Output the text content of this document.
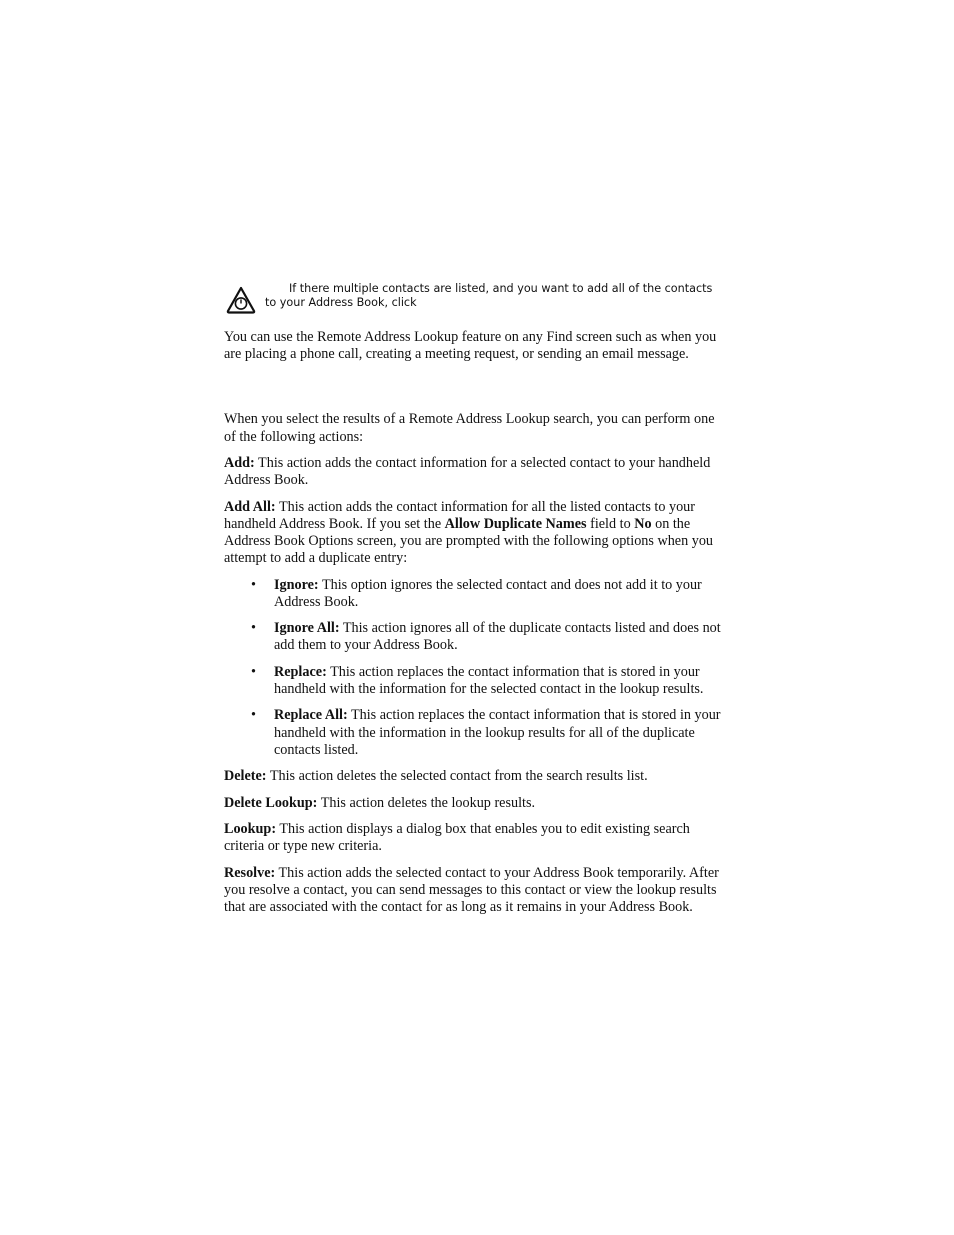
If there multiple contacts are listed, and you want to add all of the contacts to your Address Book, click

You can use the Remote Address Lookup feature on any Find screen such as when you are placing a phone call, creating a meeting request, or sending an email message.

When you select the results of a Remote Address Lookup search, you can perform one of the following actions:

Add: This action adds the contact information for a selected contact to your handheld Address Book.

Add All: This action adds the contact information for all the listed contacts to your handheld Address Book. If you set the Allow Duplicate Names field to No on the Address Book Options screen, you are prompted with the following options when you attempt to add a duplicate entry:

• Ignore: This option ignores the selected contact and does not add it to your Address Book.
• Ignore All: This action ignores all of the duplicate contacts listed and does not add them to your Address Book.
• Replace: This action replaces the contact information that is stored in your handheld with the information for the selected contact in the lookup results.
• Replace All: This action replaces the contact information that is stored in your handheld with the information in the lookup results for all of the duplicate contacts listed.

Delete: This action deletes the selected contact from the search results list.

Delete Lookup: This action deletes the lookup results.

Lookup: This action displays a dialog box that enables you to edit existing search criteria or type new criteria.

Resolve: This action adds the selected contact to your Address Book temporarily. After you resolve a contact, you can send messages to this contact or view the lookup results that are associated with the contact for as long as it remains in your Address Book.
